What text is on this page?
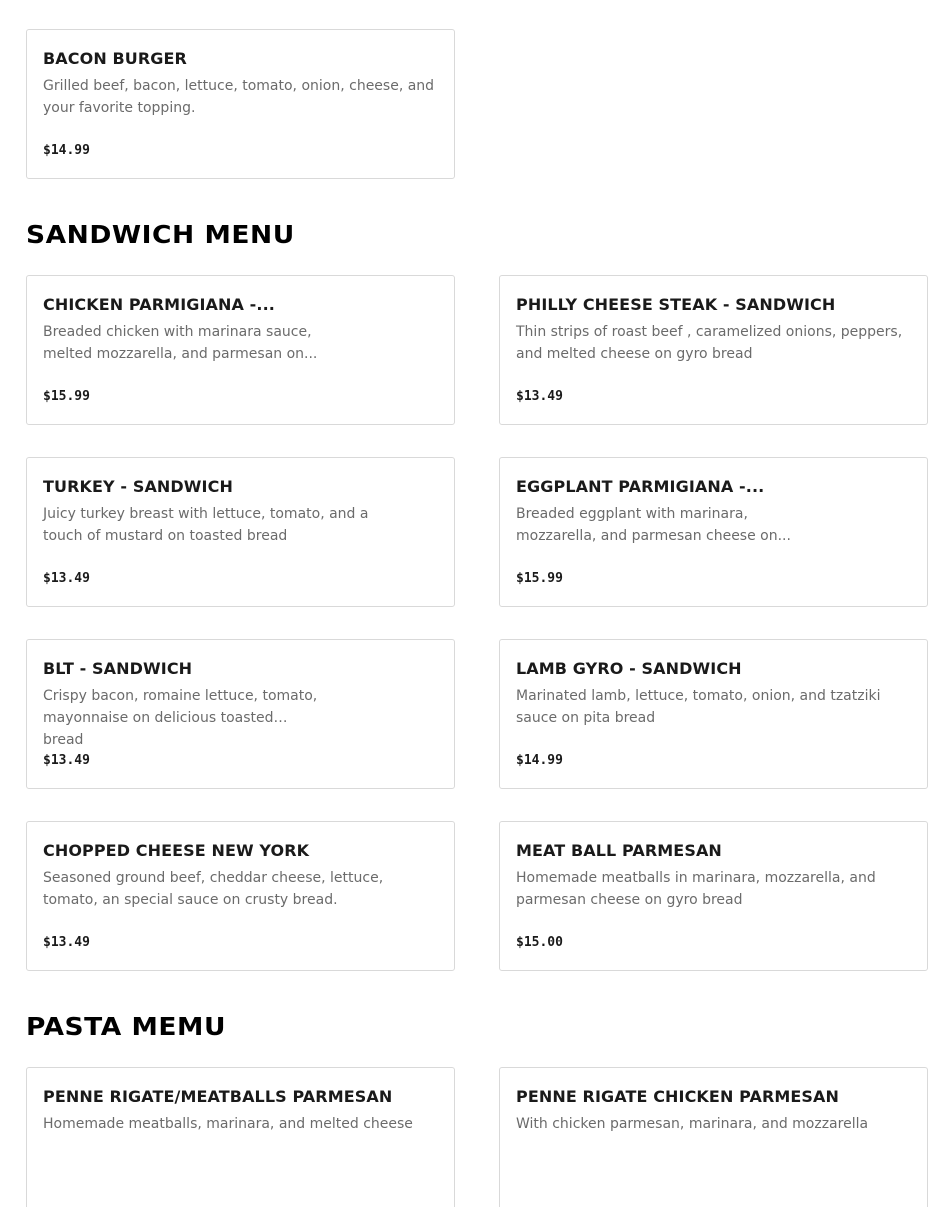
BACON BURGER
Grilled beef, bacon, lettuce, tomato, onion, cheese, and your favorite topping.
$14.99
SANDWICH MENU
CHICKEN PARMIGIANA -...
Breaded chicken with marinara sauce, melted mozzarella, and parmesan on...
$15.99
PHILLY CHEESE STEAK - SANDWICH
Thin strips of roast beef , caramelized onions, peppers, and melted cheese on gyro bread
$13.49
TURKEY - SANDWICH
Juicy turkey breast with lettuce, tomato, and a touch of mustard on toasted bread
$13.49
EGGPLANT PARMIGIANA -...
Breaded eggplant with marinara, mozzarella, and parmesan cheese on...
$15.99
BLT - SANDWICH
Crispy bacon, romaine lettuce, tomato, mayonnaise on delicious toasted bread
$13.49
LAMB GYRO - SANDWICH
Marinated lamb, lettuce, tomato, onion, and tzatziki sauce on pita bread
$14.99
CHOPPED CHEESE NEW YORK
Seasoned ground beef, cheddar cheese, lettuce, tomato, an special sauce on crusty bread.
$13.49
MEAT BALL PARMESAN
Homemade meatballs in marinara, mozzarella, and parmesan cheese on gyro bread
$15.00
PASTA MEMU
PENNE RIGATE/MEATBALLS PARMESAN
Homemade meatballs, marinara, and melted cheese
PENNE RIGATE CHICKEN PARMESAN
With chicken parmesan, marinara, and mozzarella
